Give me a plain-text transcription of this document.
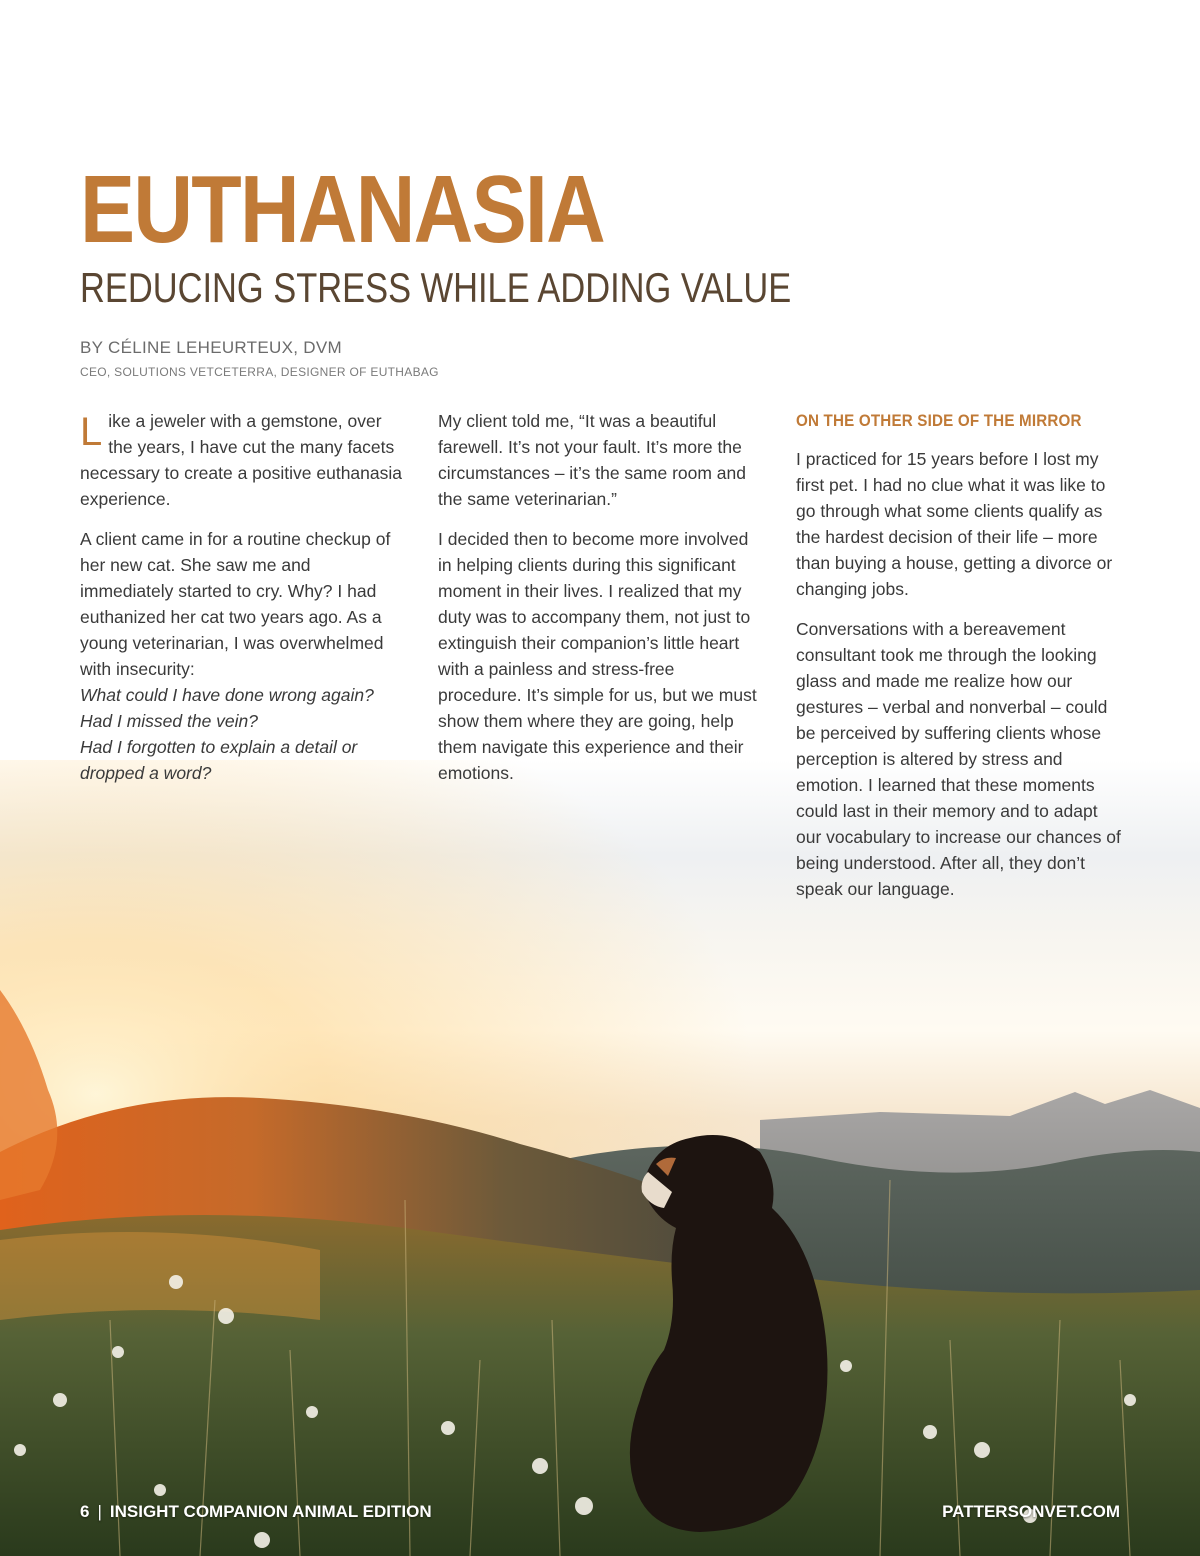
EUTHANASIA
REDUCING STRESS WHILE ADDING VALUE
BY CÉLINE LEHEURTEUX, DVM
CEO, SOLUTIONS VETCETERRA, DESIGNER OF EUTHABAG

Like a jeweler with a gemstone, over the years, I have cut the many facets necessary to create a positive euthanasia experience.

A client came in for a routine checkup of her new cat. She saw me and immediately started to cry. Why? I had euthanized her cat two years ago. As a young veterinarian, I was overwhelmed with insecurity:
What could I have done wrong again?
Had I missed the vein?
Had I forgotten to explain a detail or dropped a word?

My client told me, “It was a beautiful farewell. It’s not your fault. It’s more the circumstances – it’s the same room and the same veterinarian.”

I decided then to become more involved in helping clients during this significant moment in their lives. I realized that my duty was to accompany them, not just to extinguish their companion’s little heart with a painless and stress-free procedure. It’s simple for us, but we must show them where they are going, help them navigate this experience and their emotions.

ON THE OTHER SIDE OF THE MIRROR

I practiced for 15 years before I lost my first pet. I had no clue what it was like to go through what some clients qualify as the hardest decision of their life – more than buying a house, getting a divorce or changing jobs.

Conversations with a bereavement consultant took me through the looking glass and made me realize how our gestures – verbal and nonverbal – could be perceived by suffering clients whose perception is altered by stress and emotion. I learned that these moments could last in their memory and to adapt our vocabulary to increase our chances of being understood. After all, they don’t speak our language.

6 | INSIGHT COMPANION ANIMAL EDITION	PATTERSONVET.COM
